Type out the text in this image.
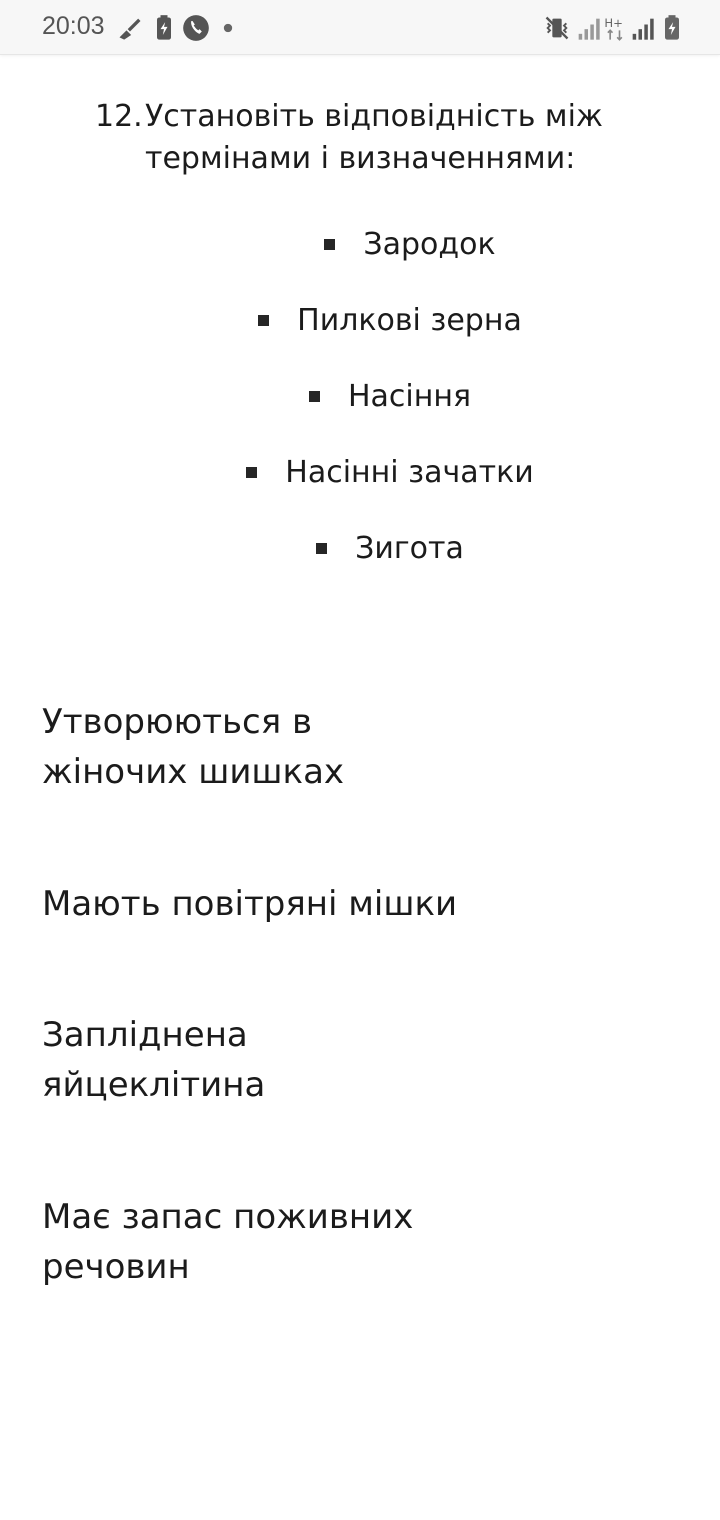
20:03	H+
12. Установіть відповідність між термінами і визначеннями:
Зародок
Пилкові зерна
Насіння
Насінні зачатки
Зигота
Утворюються в жіночих шишках
Мають повітряні мішки
Запліднена яйцеклітина
Має запас поживних речовин
